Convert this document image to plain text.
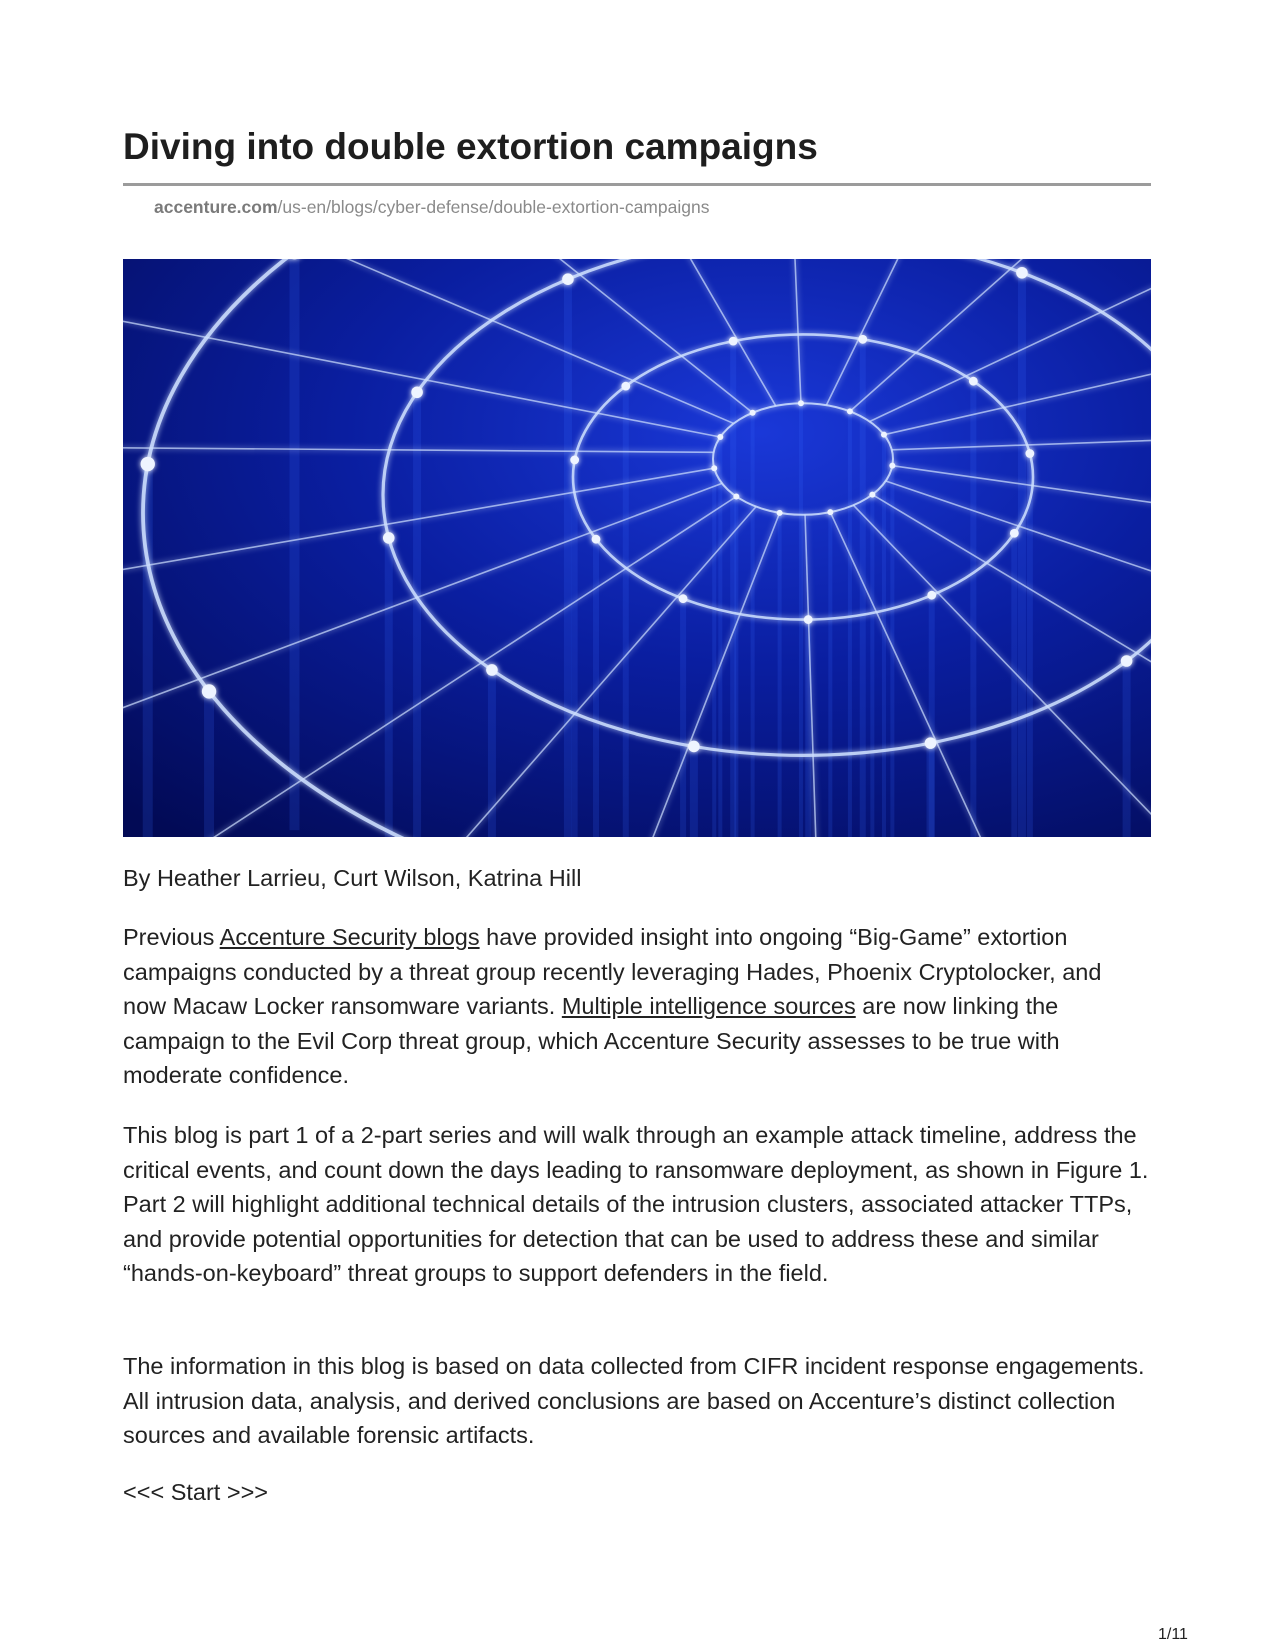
Diving into double extortion campaigns
accenture.com/us-en/blogs/cyber-defense/double-extortion-campaigns

By Heather Larrieu, Curt Wilson, Katrina Hill

Previous Accenture Security blogs have provided insight into ongoing “Big-Game” extortion campaigns conducted by a threat group recently leveraging Hades, Phoenix Cryptolocker, and now Macaw Locker ransomware variants. Multiple intelligence sources are now linking the campaign to the Evil Corp threat group, which Accenture Security assesses to be true with moderate confidence.

This blog is part 1 of a 2-part series and will walk through an example attack timeline, address the critical events, and count down the days leading to ransomware deployment, as shown in Figure 1. Part 2 will highlight additional technical details of the intrusion clusters, associated attacker TTPs, and provide potential opportunities for detection that can be used to address these and similar “hands-on-keyboard” threat groups to support defenders in the field.

The information in this blog is based on data collected from CIFR incident response engagements. All intrusion data, analysis, and derived conclusions are based on Accenture’s distinct collection sources and available forensic artifacts.

<<< Start >>>

1/11
